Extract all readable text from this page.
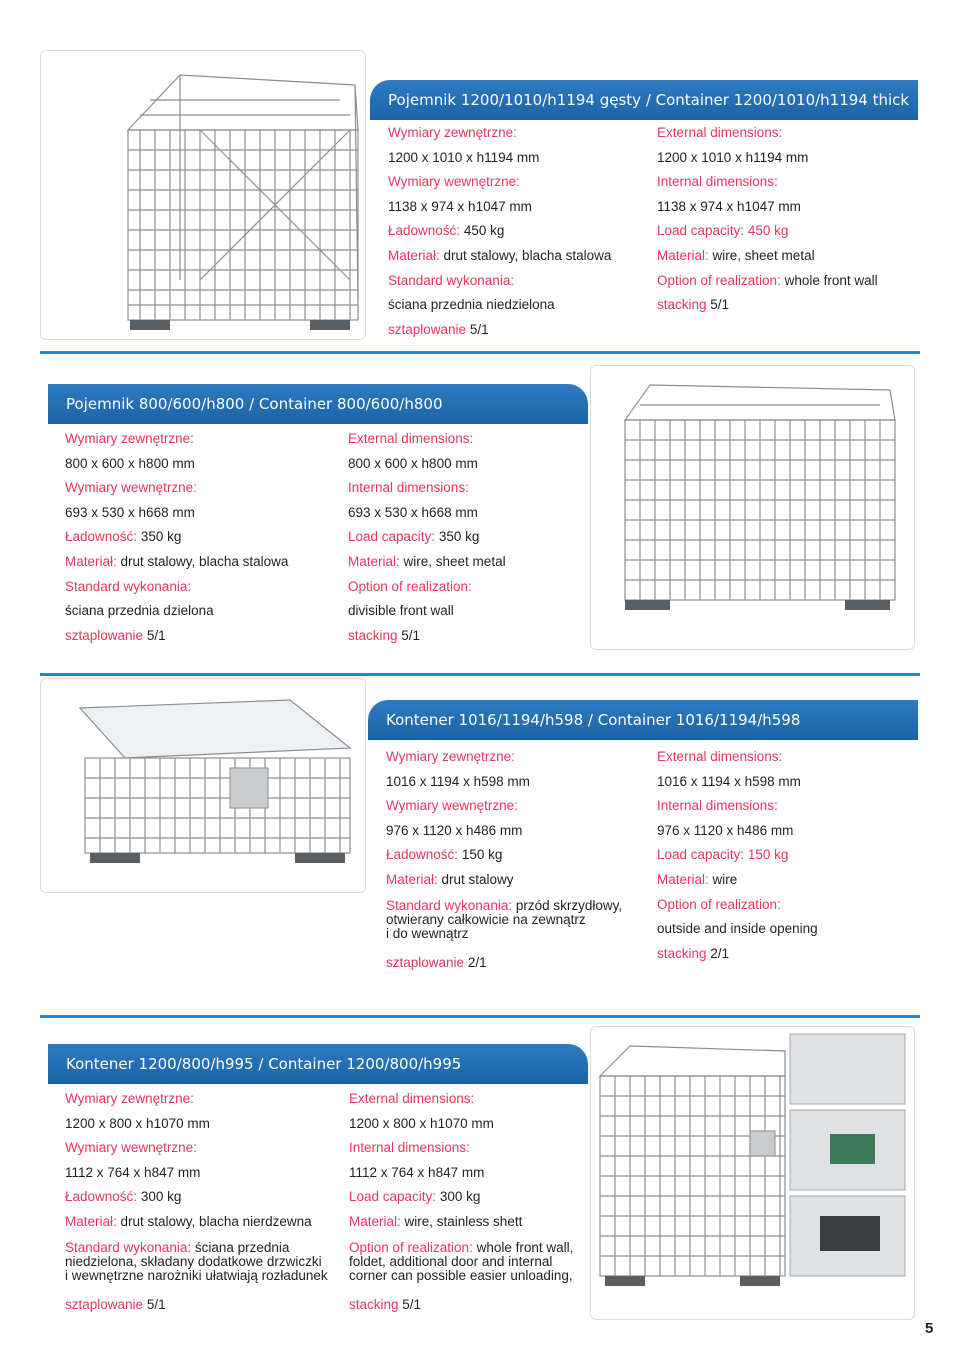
Pojemnik 1200/1010/h1194 gęsty / Container 1200/1010/h1194 thick
Wymiary zewnętrzne:
1200 x 1010 x h1194 mm
Wymiary wewnętrzne:
1138 x 974 x h1047 mm
Ładowność: 450 kg
Materiał: drut stalowy, blacha stalowa
Standard wykonania:
ściana przednia niedzielona
sztaplowanie 5/1
External dimensions:
1200 x 1010 x h1194 mm
Internal dimensions:
1138 x 974 x h1047 mm
Load capacity: 450 kg
Material: wire, sheet metal
Option of realization: whole front wall
stacking 5/1
Pojemnik 800/600/h800 / Container 800/600/h800
Wymiary zewnętrzne:
800 x 600 x h800 mm
Wymiary wewnętrzne:
693 x 530 x h668 mm
Ładowność: 350 kg
Materiał: drut stalowy, blacha stalowa
Standard wykonania:
ściana przednia dzielona
sztaplowanie 5/1
External dimensions:
800 x 600 x h800 mm
Internal dimensions:
693 x 530 x h668 mm
Load capacity: 350 kg
Material: wire, sheet metal
Option of realization:
divisible front wall
stacking 5/1
Kontener 1016/1194/h598 / Container 1016/1194/h598
Wymiary zewnętrzne:
1016 x 1194 x h598 mm
Wymiary wewnętrzne:
976 x 1120 x h486 mm
Ładowność: 150 kg
Materiał: drut stalowy
Standard wykonania: przód skrzydłowy,
otwierany całkowicie na zewnątrz
i do wewnątrz
sztaplowanie 2/1
External dimensions:
1016 x 1194 x h598 mm
Internal dimensions:
976 x 1120 x h486 mm
Load capacity: 150 kg
Material: wire
Option of realization:
outside and inside opening
stacking 2/1
Kontener 1200/800/h995 / Container 1200/800/h995
Wymiary zewnętrzne:
1200 x 800 x h1070 mm
Wymiary wewnętrzne:
1112 x 764 x h847 mm
Ładowność: 300 kg
Materiał: drut stalowy, blacha nierdzewna
Standard wykonania: ściana przednia
niedzielona, składany dodatkowe drzwiczki
i wewnętrzne narożniki ułatwiają rozładunek
sztaplowanie 5/1
External dimensions:
1200 x 800 x h1070 mm
Internal dimensions:
1112 x 764 x h847 mm
Load capacity: 300 kg
Material: wire, stainless shett
Option of realization: whole front wall,
foldet, additional door and internal
corner can possible easier unloading,
stacking 5/1
5
